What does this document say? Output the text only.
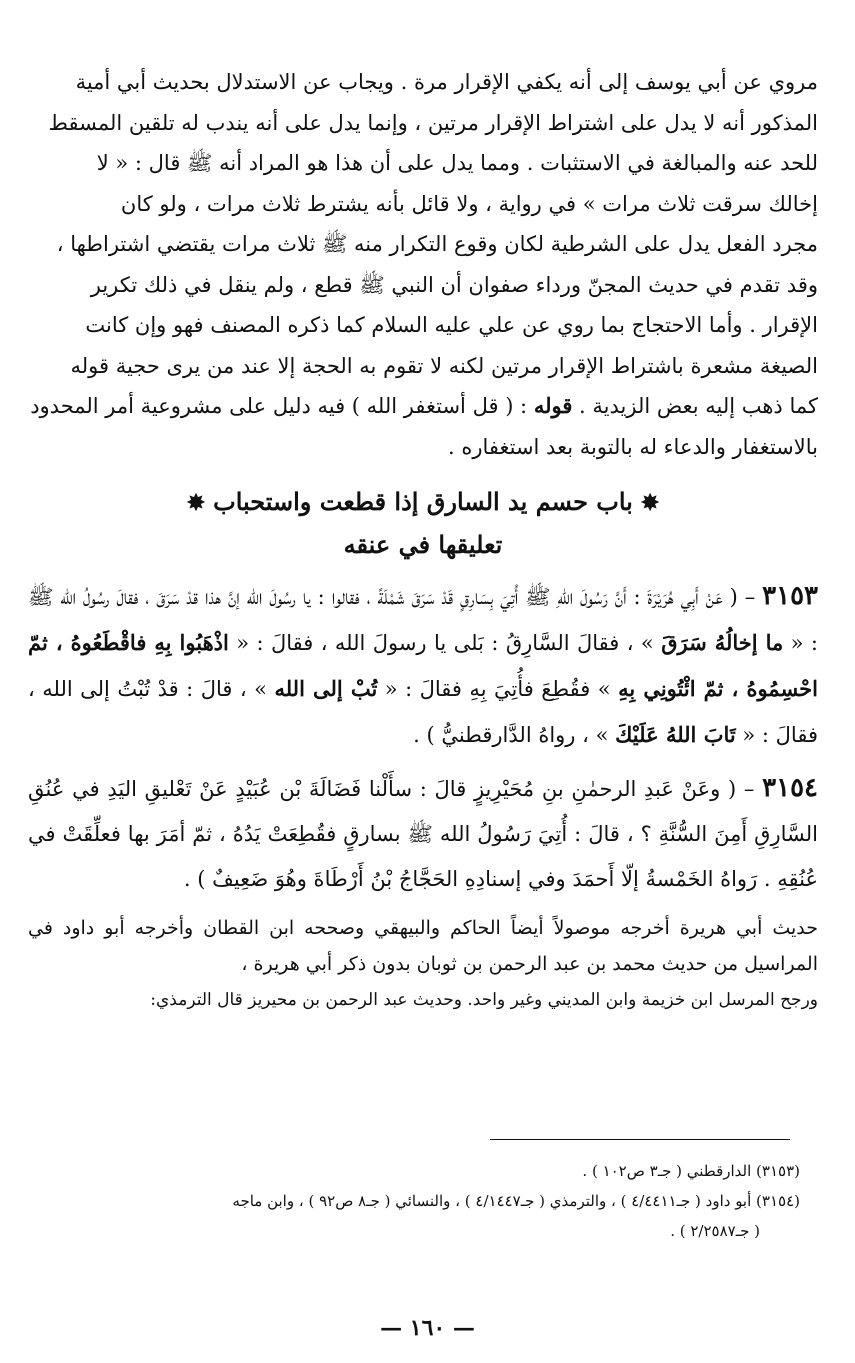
مروي عن أبي يوسف إلى أنه يكفي الإقرار مرة . ويجاب عن الاستدلال بحديث أبي أمية
المذكور أنه لا يدل على اشتراط الإقرار مرتين ، وإنما يدل على أنه يندب له تلقين المسقط
للحد عنه والمبالغة في الاستثبات . ومما يدل على أن هذا هو المراد أنه ﷺ قال : « لا
إخالك سرقت ثلاث مرات » في رواية ، ولا قائل بأنه يشترط ثلاث مرات ، ولو كان
مجرد الفعل يدل على الشرطية لكان وقوع التكرار منه ﷺ ثلاث مرات يقتضي اشتراطها ،
وقد تقدم في حديث المجنّ ورداء صفوان أن النبي ﷺ قطع ، ولم ينقل في ذلك تكرير
الإقرار . وأما الاحتجاج بما روي عن علي عليه السلام كما ذكره المصنف فهو وإن كانت
الصيغة مشعرة باشتراط الإقرار مرتين لكنه لا تقوم به الحجة إلا عند من يرى حجية قوله
كما ذهب إليه بعض الزيدية . قوله : ( قل أستغفر الله ) فيه دليل على مشروعية أمر المحدود
بالاستغفار والدعاء له بالتوبة بعد استغفاره .
✸باب حسم يد السارق إذا قطعت واستحباب✸
تعليقها في عنقه

٣١٥٣ – ( عَنْ أَبِي هُرَيْرَةَ : أَنَّ رَسُولَ اللهِ ﷺ أُتِيَ بِسَارِقٍ قَدْ سَرَقَ شَمْلَةً ، فقالوا : يا رسُولَ الله إنَّ هذا قدْ سَرَقَ ، فقالَ رسُولُ الله ﷺ : « ما إخالُهُ سَرَقَ » ، فقالَ السَّارِقُ : بَلى يا رسولَ الله ، فقالَ : « اذْهَبُوا بِهِ فاقْطَعُوهُ ، ثمّ احْسِمُوهُ ، ثمّ ائْتُونِي بِهِ » فقُطِعَ فأُتِيَ بِهِ فقالَ : « تُبْ إلى الله » ، قالَ : قدْ تُبْتُ إلى الله ، فقالَ : « تَابَ اللهُ عَلَيْكَ » ، رواهُ الدَّارقطنيُّ ) .

٣١٥٤ – ( وعَنْ عَبدِ الرحمٰنِ بنِ مُحَيْرِيزٍ قالَ : سأَلْنا فَضَالَةَ بْن عُبَيْدٍ عَنْ تَعْليقِ اليَدِ في عُنُقِ السَّارِقِ أَمِنَ السُّنَّةِ ؟ ، قالَ : أُتِيَ رَسُولُ الله ﷺ بسارقٍ فقُطِعَتْ يَدُهُ ، ثمّ أمَرَ بها فعلِّقَتْ في عُنُقِهِ . رَواهُ الخَمْسةُ إلّا أَحمَدَ وفي إسنادِهِ الحَجَّاجُ بْنُ أَرْطَاةَ وهُوَ ضَعِيفٌ ) .

حديث أبي هريرة أخرجه موصولاً أيضاً الحاكم والبيهقي وصححه ابن القطان وأخرجه أبو داود في المراسيل من حديث محمد بن عبد الرحمن بن ثوبان بدون ذكر أبي هريرة ،
ورجح المرسل ابن خزيمة وابن المديني وغير واحد. وحديث عبد الرحمن بن محيريز قال الترمذي:

(٣١٥٣) الدارقطني ( جـ٣ ص١٠٢ ) .

(٣١٥٤) أبو داود ( جـ٤/٤٤١١ ) ، والترمذي ( جـ٤/١٤٤٧ ) ، والنسائي ( جـ٨ ص٩٢ ) ، وابن ماجه

( جـ٢/٢٥٨٧ ) .

— ١٦٠ —
